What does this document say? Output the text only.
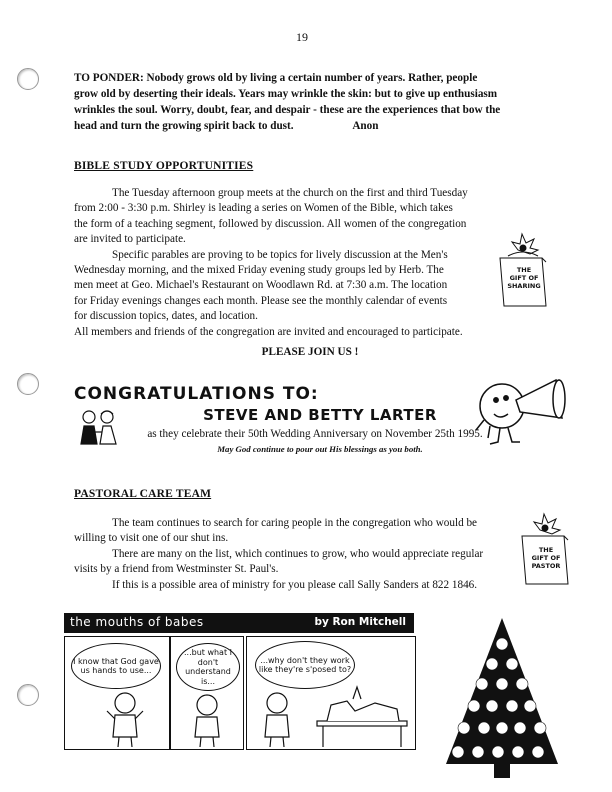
19
TO PONDER: Nobody grows old by living a certain number of years. Rather, people
grow old by deserting their ideals. Years may wrinkle the skin: but to give up enthusiasm
wrinkles the soul. Worry, doubt, fear, and despair - these are the experiences that bow the
head and turn the growing spirit back to dust.	Anon
BIBLE STUDY OPPORTUNITIES
The Tuesday afternoon group meets at the church on the first and third Tuesday
from 2:00 - 3:30 p.m. Shirley is leading a series on Women of the Bible, which takes
the form of a teaching segment, followed by discussion. All women of the congregation
are invited to participate.
Specific parables are proving to be topics for lively discussion at the Men's
Wednesday morning, and the mixed Friday evening study groups led by Herb. The
men meet at Geo. Michael's Restaurant on Woodlawn Rd. at 7:30 a.m. The location
for Friday evenings changes each month. Please see the monthly calendar of events
for discussion topics, dates, and location.
All members and friends of the congregation are invited and encouraged to participate.
PLEASE JOIN US !
THE
GIFT OF
SHARING
CONGRATULATIONS TO:
STEVE AND BETTY LARTER
as they celebrate their 50th Wedding Anniversary on November 25th 1995.
May God continue to pour out His blessings as you both.
PASTORAL CARE TEAM
The team continues to search for caring people in the congregation who would be
willing to visit one of our shut ins.
There are many on the list, which continues to grow, who would appreciate regular
visits by a friend from Westminster St. Paul's.
If this is a possible area of ministry for you please call Sally Sanders at 822 1846.
THE
GIFT OF
PASTOR
the mouths of babes	by Ron Mitchell
I know that God gave us hands to use...
...but what I don't understand is...
...why don't they work like they're s'posed to?
